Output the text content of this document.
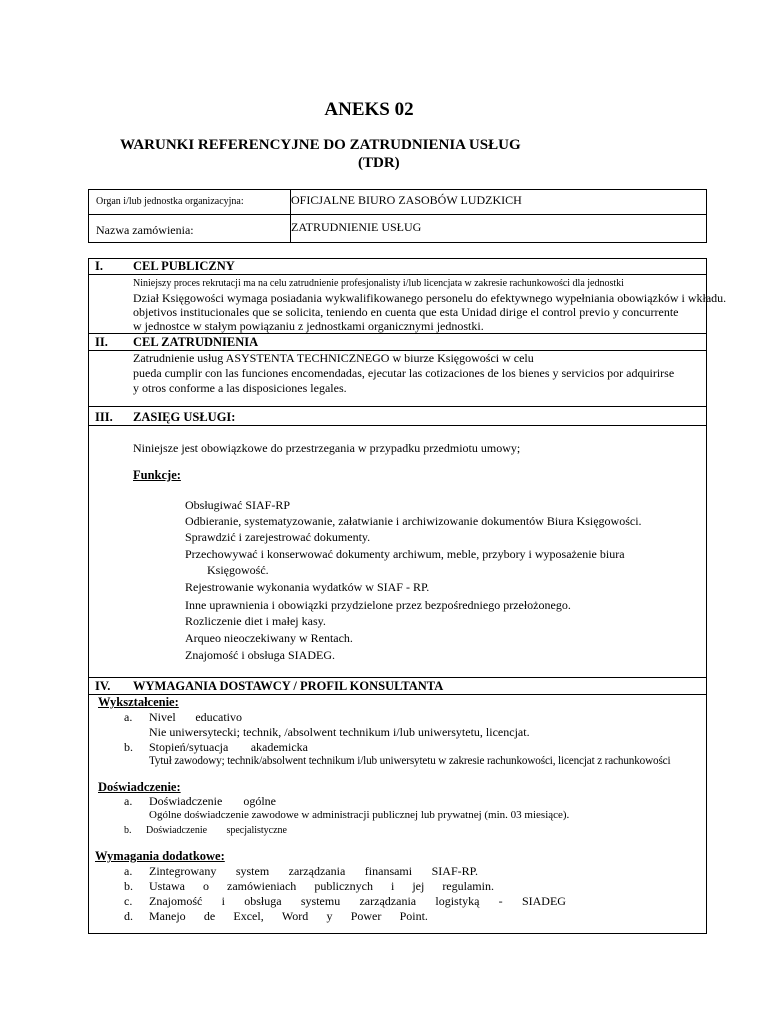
ANEKS 02
WARUNKI REFERENCYJNE DO ZATRUDNIENIA USŁUG
(TDR)
Organ i/lub jednostka organizacyjna:	OFICJALNE BIURO ZASOBÓW LUDZKICH
Nazwa zamówienia:	ZATRUDNIENIE USŁUG
I. CEL PUBLICZNY
Niniejszy proces rekrutacji ma na celu zatrudnienie profesjonalisty i/lub licencjata w zakresie rachunkowości dla jednostki
Dział Księgowości wymaga posiadania wykwalifikowanego personelu do efektywnego wypełniania obowiązków i wkładu.
objetivos institucionales que se solicita, teniendo en cuenta que esta Unidad dirige el control previo y concurrente
w jednostce w stałym powiązaniu z jednostkami organicznymi jednostki.
II. CEL ZATRUDNIENIA
Zatrudnienie usług ASYSTENTA TECHNICZNEGO w biurze Księgowości w celu
pueda cumplir con las funciones encomendadas, ejecutar las cotizaciones de los bienes y servicios por adquirirse
y otros conforme a las disposiciones legales.
III. ZASIĘG USŁUGI:
Niniejsze jest obowiązkowe do przestrzegania w przypadku przedmiotu umowy;
Funkcje:
Obsługiwać SIAF-RP
Odbieranie, systematyzowanie, załatwianie i archiwizowanie dokumentów Biura Księgowości.
Sprawdzić i zarejestrować dokumenty.
Przechowywać i konserwować dokumenty archiwum, meble, przybory i wyposażenie biura
Księgowość.
Rejestrowanie wykonania wydatków w SIAF - RP.
Inne uprawnienia i obowiązki przydzielone przez bezpośredniego przełożonego.
Rozliczenie diet i małej kasy.
Arqueo nieoczekiwany w Rentach.
Znajomość i obsługa SIADEG.
IV. WYMAGANIA DOSTAWCY / PROFIL KONSULTANTA
Wykształcenie:
a. Nivel educativo
Nie uniwersytecki; technik, /absolwent technikum i/lub uniwersytetu, licencjat.
b. Stopień/sytuacja akademicka
Tytuł zawodowy; technik/absolwent technikum i/lub uniwersytetu w zakresie rachunkowości, licencjat z rachunkowości
Doświadczenie:
a. Doświadczenie ogólne
Ogólne doświadczenie zawodowe w administracji publicznej lub prywatnej (min. 03 miesiące).
b. Doświadczenie specjalistyczne
Wymagania dodatkowe:
a. Zintegrowany system zarządzania finansami SIAF-RP.
b. Ustawa o zamówieniach publicznych i jej regulamin.
c. Znajomość i obsługa systemu zarządzania logistyką - SIADEG
d. Manejo de Excel, Word y Power Point.
